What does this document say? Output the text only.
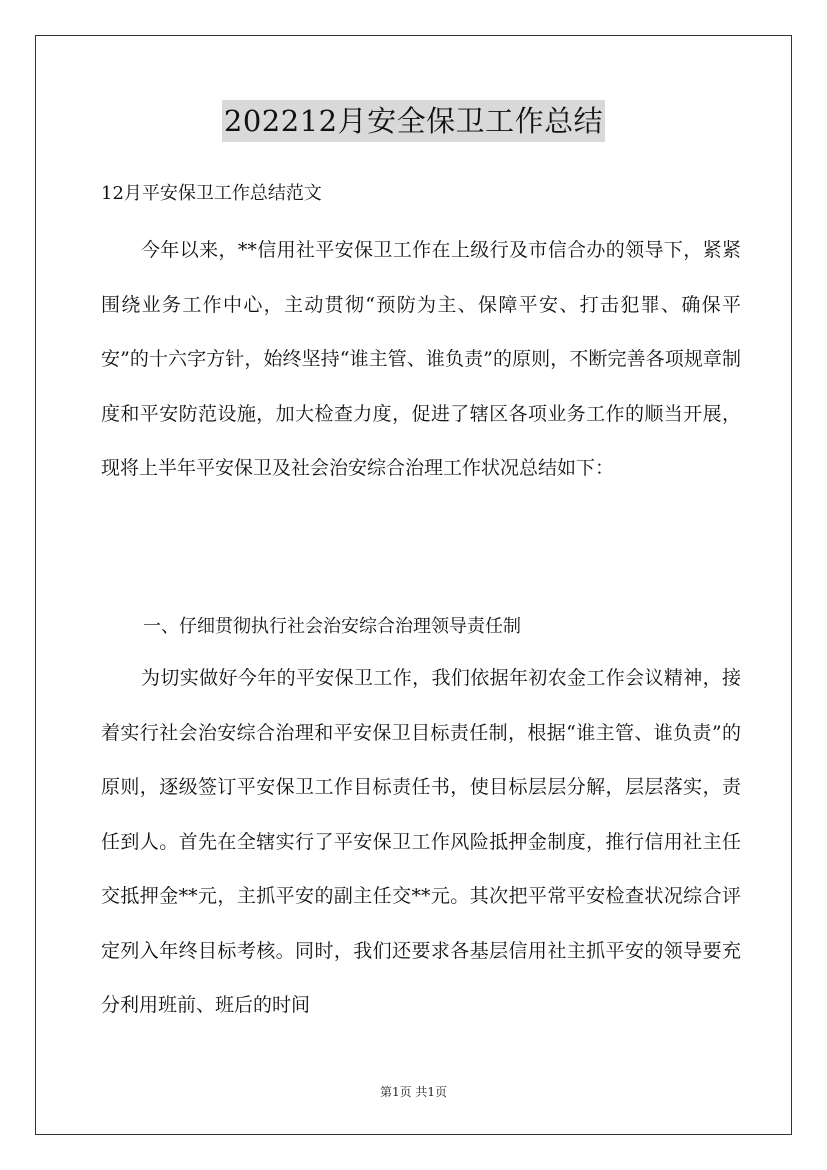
202212月安全保卫工作总结
12月平安保卫工作总结范文

今年以来，**信用社平安保卫工作在上级行及市信合办的领导下，紧紧围绕业务工作中心，主动贯彻“预防为主、保障平安、打击犯罪、确保平安”的十六字方针，始终坚持“谁主管、谁负责”的原则，不断完善各项规章制度和平安防范设施，加大检查力度，促进了辖区各项业务工作的顺当开展，现将上半年平安保卫及社会治安综合治理工作状况总结如下：

一、仔细贯彻执行社会治安综合治理领导责任制

为切实做好今年的平安保卫工作，我们依据年初农金工作会议精神，接着实行社会治安综合治理和平安保卫目标责任制，根据“谁主管、谁负责”的原则，逐级签订平安保卫工作目标责任书，使目标层层分解，层层落实，责任到人。首先在全辖实行了平安保卫工作风险抵押金制度，推行信用社主任交抵押金**元，主抓平安的副主任交**元。其次把平常平安检查状况综合评定列入年终目标考核。同时，我们还要求各基层信用社主抓平安的领导要充分利用班前、班后的时间

第1页 共1页
